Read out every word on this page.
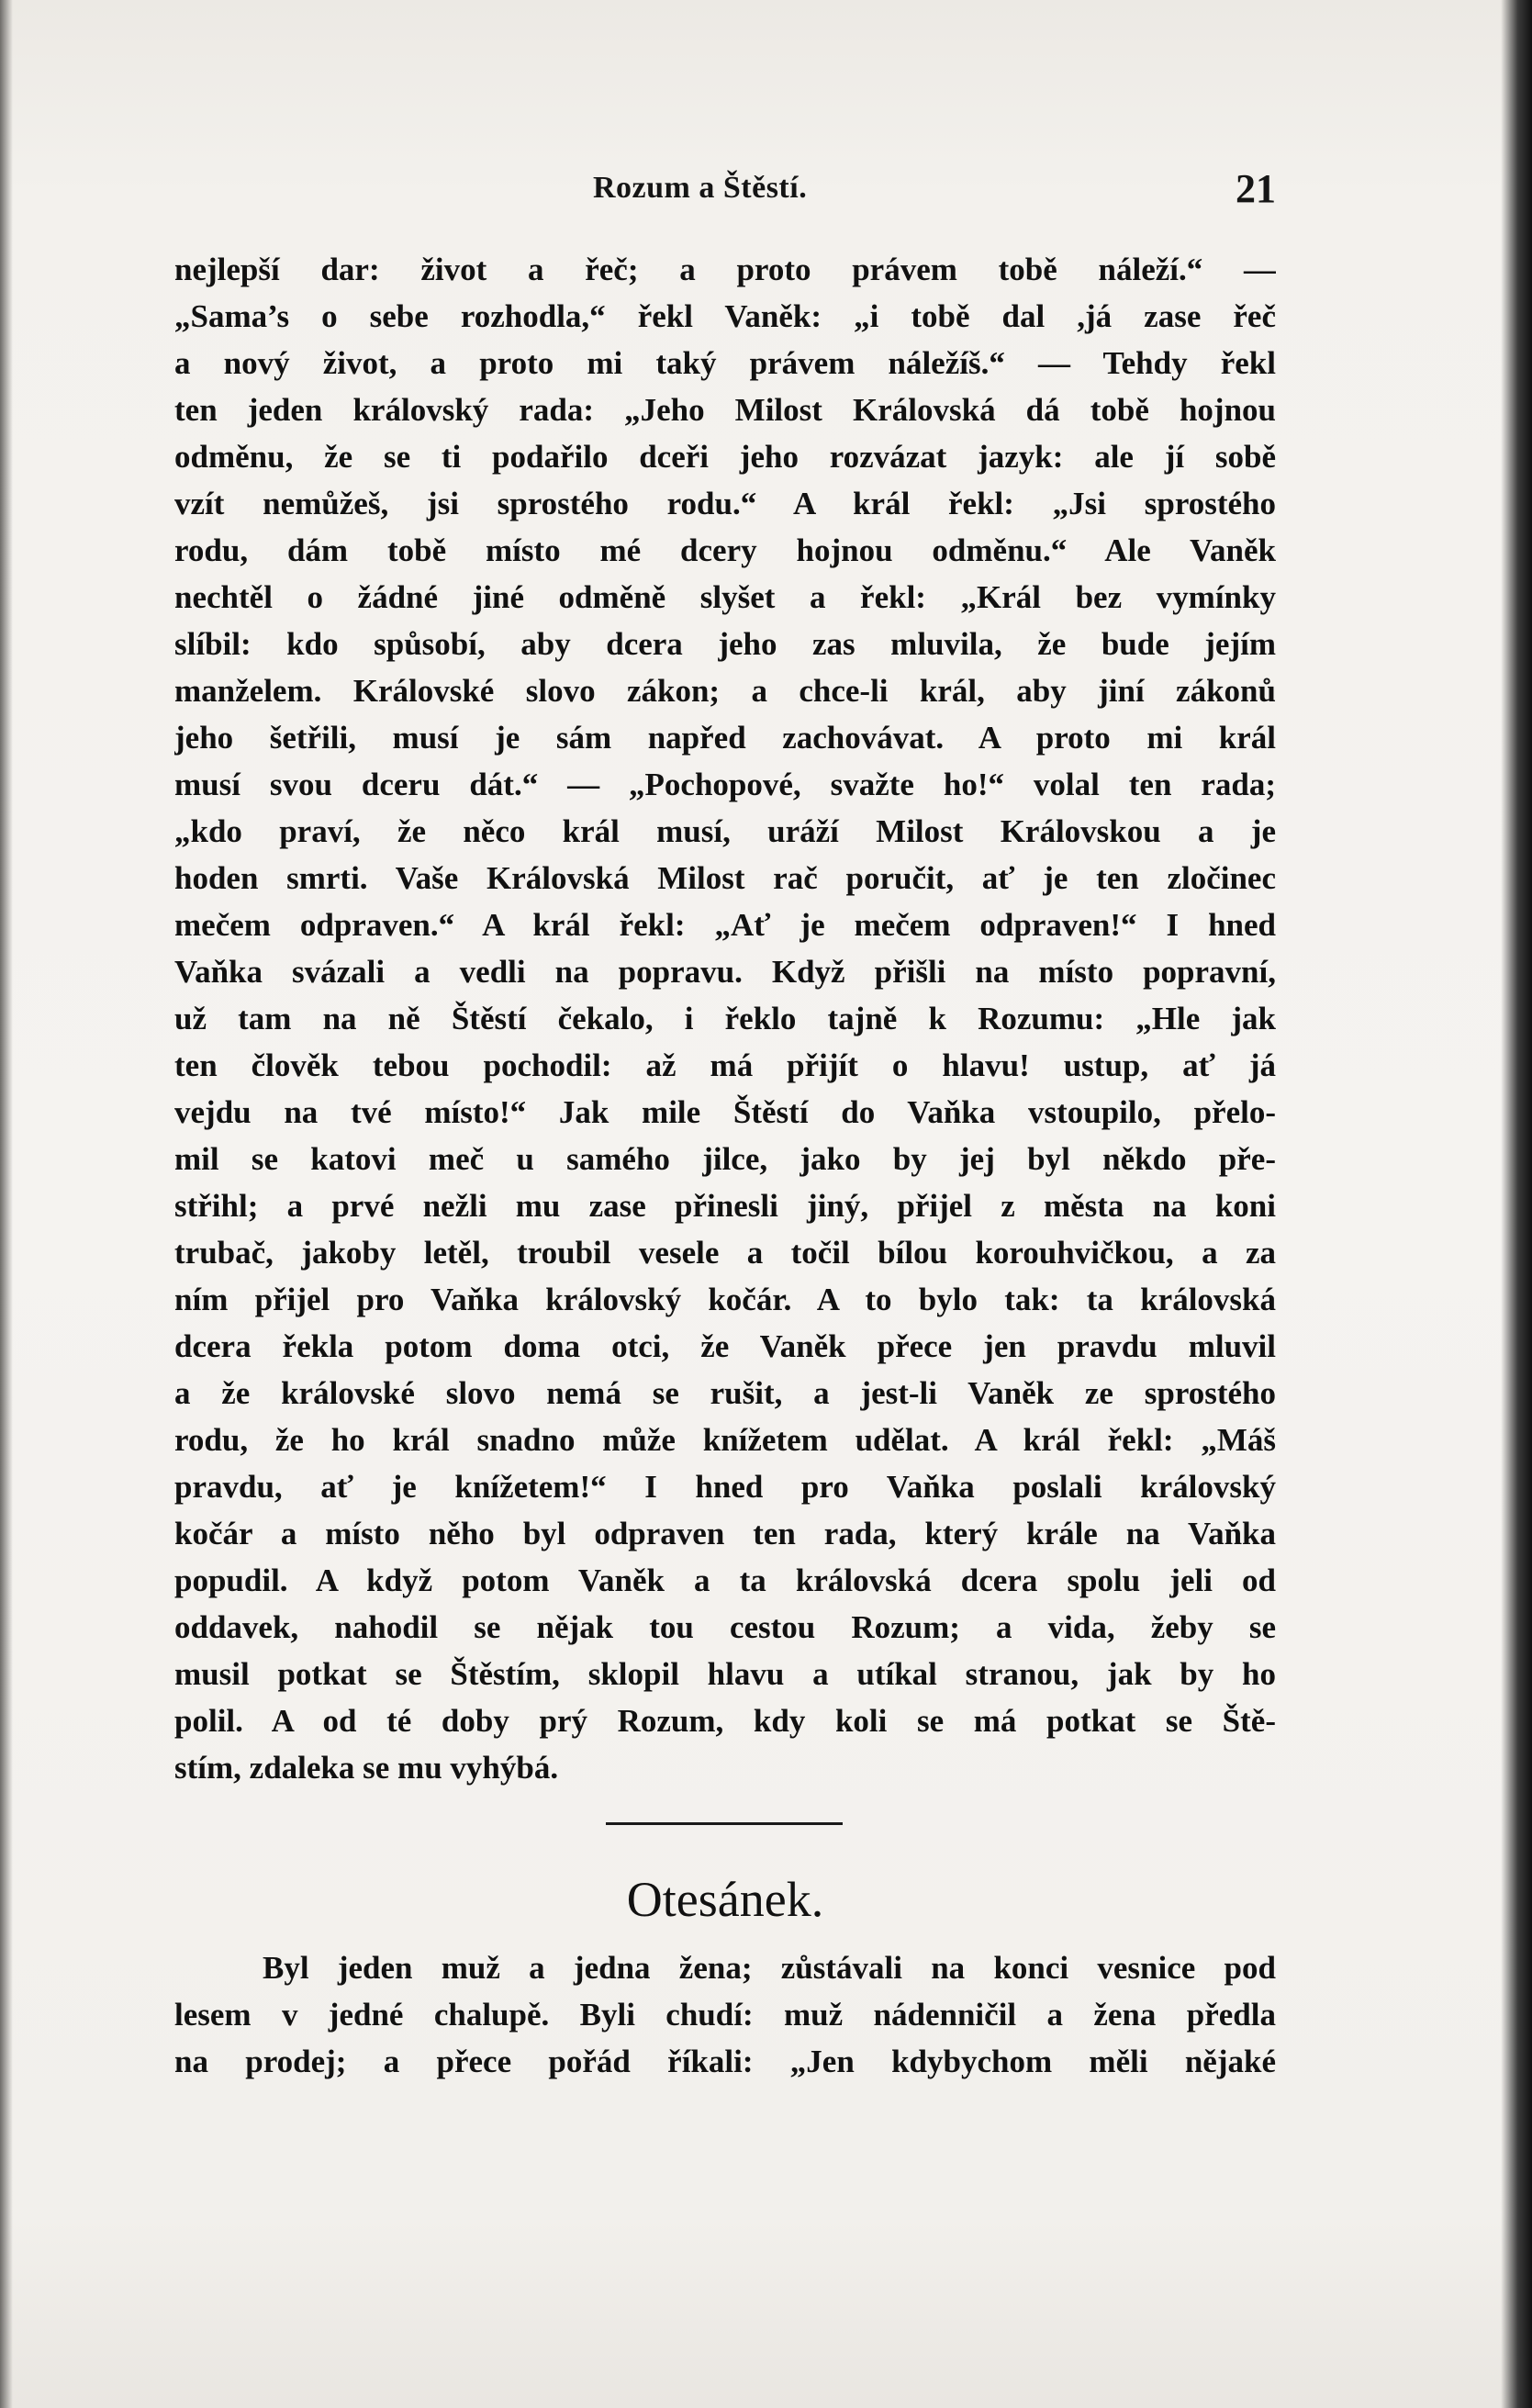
Rozum a Štěstí.	21
nejlepší dar: život a řeč; a proto právem tobě náleží.“ —
„Sama’s o sebe rozhodla,“ řekl Vaněk: „i tobě dal ,já zase řeč
a nový život, a proto mi taký právem náležíš.“ — Tehdy řekl
ten jeden královský rada: „Jeho Milost Královská dá tobě hojnou
odměnu, že se ti podařilo dceři jeho rozvázat jazyk: ale jí sobě
vzít nemůžeš, jsi sprostého rodu.“ A král řekl: „Jsi sprostého
rodu, dám tobě místo mé dcery hojnou odměnu.“ Ale Vaněk
nechtěl o žádné jiné odměně slyšet a řekl: „Král bez vymínky
slíbil: kdo spůsobí, aby dcera jeho zas mluvila, že bude jejím
manželem. Královské slovo zákon; a chce-li král, aby jiní zákonů
jeho šetřili, musí je sám napřed zachovávat. A proto mi král
musí svou dceru dát.“ — „Pochopové, svažte ho!“ volal ten rada;
„kdo praví, že něco král musí, uráží Milost Královskou a je
hoden smrti. Vaše Královská Milost rač poručit, ať je ten zločinec
mečem odpraven.“ A král řekl: „Ať je mečem odpraven!“ I hned
Vaňka svázali a vedli na popravu. Když přišli na místo popravní,
už tam na ně Štěstí čekalo, i řeklo tajně k Rozumu: „Hle jak
ten člověk tebou pochodil: až má přijít o hlavu! ustup, ať já
vejdu na tvé místo!“ Jak mile Štěstí do Vaňka vstoupilo, přelo-
mil se katovi meč u samého jilce, jako by jej byl někdo pře-
střihl; a prvé nežli mu zase přinesli jiný, přijel z města na koni
trubač, jakoby letěl, troubil vesele a točil bílou korouhvičkou, a za
ním přijel pro Vaňka královský kočár. A to bylo tak: ta královská
dcera řekla potom doma otci, že Vaněk přece jen pravdu mluvil
a že královské slovo nemá se rušit, a jest-li Vaněk ze sprostého
rodu, že ho král snadno může knížetem udělat. A král řekl: „Máš
pravdu, ať je knížetem!“ I hned pro Vaňka poslali královský
kočár a místo něho byl odpraven ten rada, který krále na Vaňka
popudil. A když potom Vaněk a ta královská dcera spolu jeli od
oddavek, nahodil se nějak tou cestou Rozum; a vida, žeby se
musil potkat se Štěstím, sklopil hlavu a utíkal stranou, jak by ho
polil. A od té doby prý Rozum, kdy koli se má potkat se Ště-
stím, zdaleka se mu vyhýbá.
Otesánek.
Byl jeden muž a jedna žena; zůstávali na konci vesnice pod
lesem v jedné chalupě. Byli chudí: muž nádenničil a žena předla
na prodej; a přece pořád říkali: „Jen kdybychom měli nějaké
